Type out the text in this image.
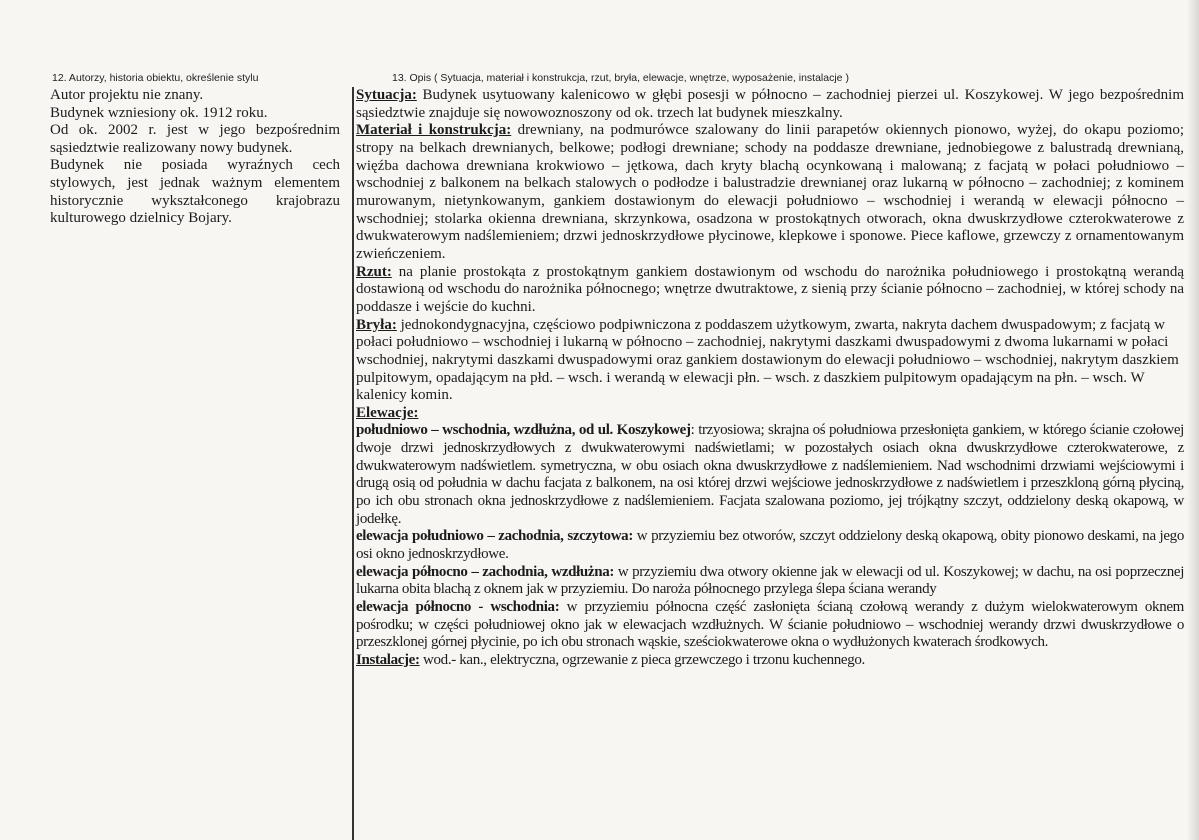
12. Autorzy, historia obiektu, określenie stylu	13. Opis ( Sytuacja, materiał i konstrukcja, rzut, bryła, elewacje, wnętrze, wyposażenie, instalacje )

Autor projektu nie znany.

Budynek wzniesiony ok. 1912 roku.

Od ok. 2002 r. jest w jego bezpośrednim sąsiedztwie realizowany nowy budynek.

Budynek nie posiada wyraźnych cech stylowych, jest jednak ważnym elementem historycznie wykształconego krajobrazu kulturowego dzielnicy Bojary.

Sytuacja: Budynek usytuowany kalenicowo w głębi posesji w północno – zachodniej pierzei ul. Koszykowej. W jego bezpośrednim sąsiedztwie znajduje się nowowoznoszony od ok. trzech lat budynek mieszkalny.

Materiał i konstrukcja: drewniany, na podmurówce szalowany do linii parapetów okiennych pionowo, wyżej, do okapu poziomo; stropy na belkach drewnianych, belkowe; podłogi drewniane; schody na poddasze drewniane, jednobiegowe z balustradą drewnianą, więźba dachowa drewniana krokwiowo – jętkowa, dach kryty blachą ocynkowaną i malowaną; z facjatą w połaci południowo – wschodniej z balkonem na belkach stalowych o podłodze i balustradzie drewnianej oraz lukarną w północno – zachodniej; z kominem murowanym, nietynkowanym, gankiem dostawionym do elewacji południowo – wschodniej i werandą w elewacji północno – wschodniej; stolarka okienna drewniana, skrzynkowa, osadzona w prostokątnych otworach, okna dwuskrzydłowe czterokwaterowe z dwukwaterowym nadślemieniem; drzwi jednoskrzydłowe płycinowe, klepkowe i sponowe. Piece kaflowe, grzewczy z ornamentowanym zwieńczeniem.

Rzut: na planie prostokąta z prostokątnym gankiem dostawionym od wschodu do narożnika południowego i prostokątną werandą dostawioną od wschodu do narożnika północnego; wnętrze dwutraktowe, z sienią przy ścianie północno – zachodniej, w której schody na poddasze i wejście do kuchni.

Bryła: jednokondygnacyjna, częściowo podpiwniczona z poddaszem użytkowym, zwarta, nakryta dachem dwuspadowym; z facjatą w połaci południowo – wschodniej i lukarną w północno – zachodniej, nakrytymi daszkami dwuspadowymi z dwoma lukarnami w połaci wschodniej, nakrytymi daszkami dwuspadowymi oraz gankiem dostawionym do elewacji południowo – wschodniej, nakrytym daszkiem pulpitowym, opadającym na płd. – wsch. i werandą w elewacji płn. – wsch. z daszkiem pulpitowym opadającym na płn. – wsch. W kalenicy komin.

Elewacje:

południowo – wschodnia, wzdłużna, od ul. Koszykowej: trzyosiowa; skrajna oś południowa przesłonięta gankiem, w którego ścianie czołowej dwoje drzwi jednoskrzydłowych z dwukwaterowymi nadświetlami; w pozostałych osiach okna dwuskrzydłowe czterokwaterowe, z dwukwaterowym nadświetlem. symetryczna, w obu osiach okna dwuskrzydłowe z nadślemieniem. Nad wschodnimi drzwiami wejściowymi i drugą osią od południa w dachu facjata z balkonem, na osi której drzwi wejściowe jednoskrzydłowe z nadświetlem i przeszkloną górną płyciną, po ich obu stronach okna jednoskrzydłowe z nadślemieniem. Facjata szalowana poziomo, jej trójkątny szczyt, oddzielony deską okapową, w jodełkę.

elewacja południowo – zachodnia, szczytowa: w przyziemiu bez otworów, szczyt oddzielony deską okapową, obity pionowo deskami, na jego osi okno jednoskrzydłowe.

elewacja północno – zachodnia, wzdłużna: w przyziemiu dwa otwory okienne jak w elewacji od ul. Koszykowej; w dachu, na osi poprzecznej lukarna obita blachą z oknem jak w przyziemiu. Do naroża północnego przylega ślepa ściana werandy

elewacja północno - wschodnia: w przyziemiu północna część zasłonięta ścianą czołową werandy z dużym wielokwaterowym oknem pośrodku; w części południowej okno jak w elewacjach wzdłużnych. W ścianie południowo – wschodniej werandy drzwi dwuskrzydłowe o przeszklonej górnej płycinie, po ich obu stronach wąskie, sześciokwaterowe okna o wydłużonych kwaterach środkowych.

Instalacje: wod.- kan., elektryczna, ogrzewanie z pieca grzewczego i trzonu kuchennego.
